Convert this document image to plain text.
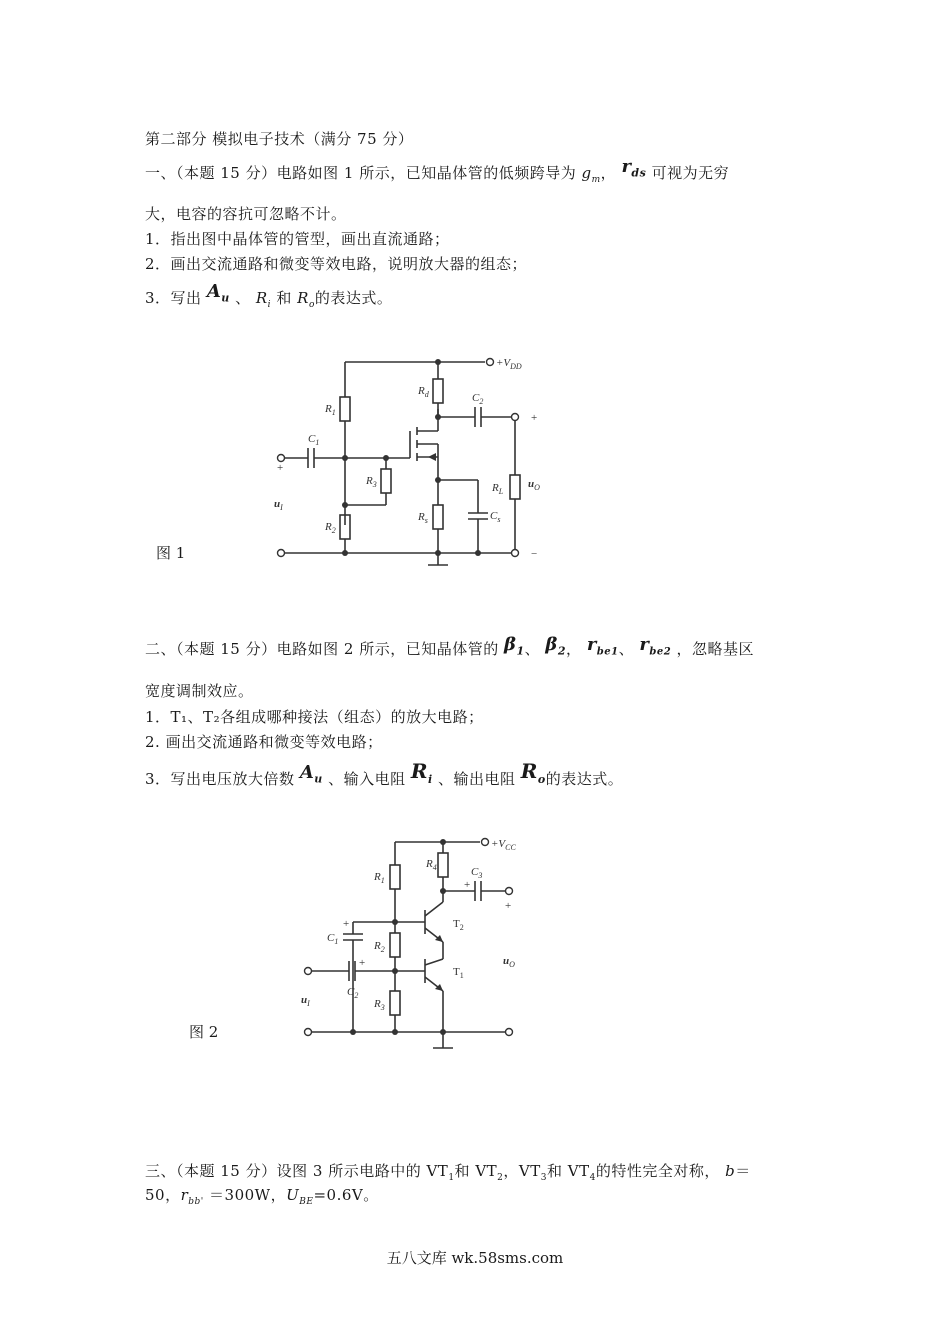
第二部分 模拟电子技术（满分 75 分）
一、（本题 15 分）电路如图 1 所示，已知晶体管的低频跨导为 $g_m$， $r_{ds}$ 可视为无穷
大，电容的容抗可忽略不计。
1．指出图中晶体管的管型，画出直流通路；
2．画出交流通路和微变等效电路，说明放大器的组态；
3．写出 $A_u$ 、 $R_i$ 和 $R_o$的表达式。
图 1
$+V_{DD}$
$R_1$
$R_2$
$R_3$
$R_d$
$R_s$
$R_L$
$C_1$
$C_2$
$C_s$
$u_I$
$u_O$
+
+
−
二、（本题 15 分）电路如图 2 所示，已知晶体管的 $\beta_1$、 $\beta_2$， $r_{be1}$、 $r_{be2}$ ，忽略基区
宽度调制效应。
1．T₁、T₂各组成哪种接法（组态）的放大电路；
2. 画出交流通路和微变等效电路；
3．写出电压放大倍数 $A_u$ 、输入电阻 $R_i$ 、输出电阻 $R_o$的表达式。
图 2
$+V_{CC}$
$R_1$
$R_2$
$R_3$
$R_4$
$C_1$
$C_2$
$C_3$
$T_2$
$T_1$
$u_I$
$u_O$
+
+
+
+
三、（本题 15 分）设图 3 所示电路中的 $VT_1$和 $VT_2$，$VT_3$和 $VT_4$的特性完全对称， b＝
50，$r_{bb'} =300W$，$U_{BE}=0.6V$。
五八文库 wk.58sms.com
